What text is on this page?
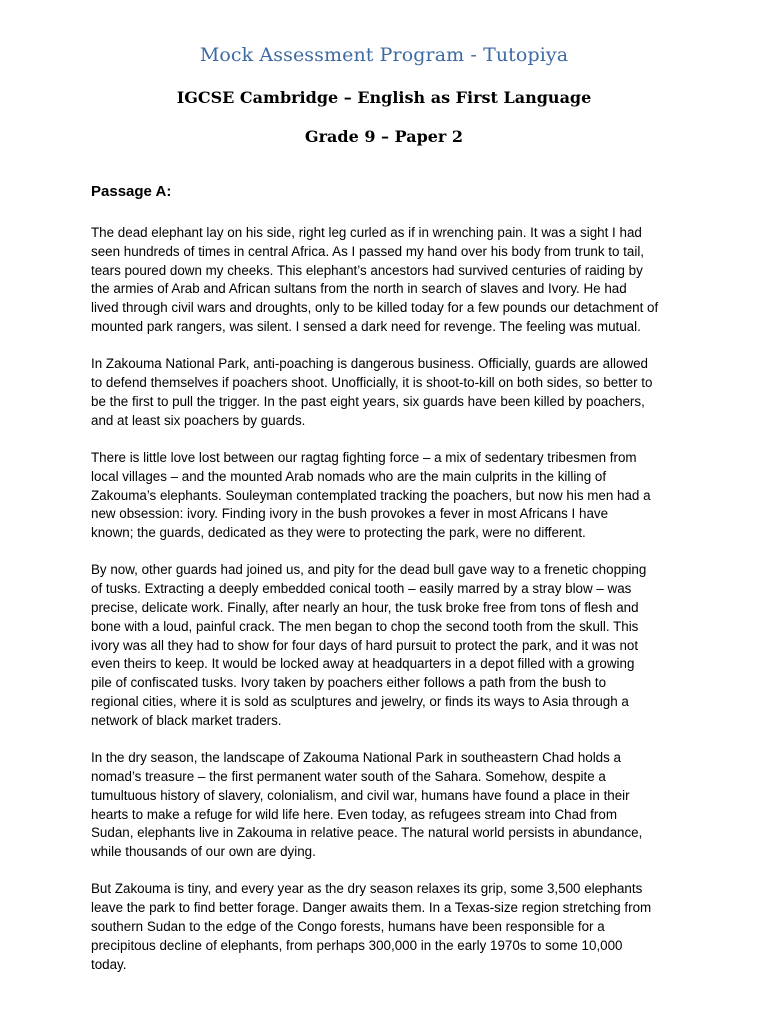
Mock Assessment Program - Tutopiya
IGCSE Cambridge – English as First Language
Grade 9 – Paper 2
Passage A:

The dead elephant lay on his side, right leg curled as if in wrenching pain. It was a sight I had
seen hundreds of times in central Africa. As I passed my hand over his body from trunk to tail,
tears poured down my cheeks. This elephant’s ancestors had survived centuries of raiding by
the armies of Arab and African sultans from the north in search of slaves and Ivory. He had
lived through civil wars and droughts, only to be killed today for a few pounds our detachment of
mounted park rangers, was silent. I sensed a dark need for revenge. The feeling was mutual.

In Zakouma National Park, anti-poaching is dangerous business. Officially, guards are allowed
to defend themselves if poachers shoot. Unofficially, it is shoot-to-kill on both sides, so better to
be the first to pull the trigger. In the past eight years, six guards have been killed by poachers,
and at least six poachers by guards.

There is little love lost between our ragtag fighting force – a mix of sedentary tribesmen from
local villages – and the mounted Arab nomads who are the main culprits in the killing of
Zakouma’s elephants. Souleyman contemplated tracking the poachers, but now his men had a
new obsession: ivory. Finding ivory in the bush provokes a fever in most Africans I have
known; the guards, dedicated as they were to protecting the park, were no different.

By now, other guards had joined us, and pity for the dead bull gave way to a frenetic chopping
of tusks. Extracting a deeply embedded conical tooth – easily marred by a stray blow – was
precise, delicate work. Finally, after nearly an hour, the tusk broke free from tons of flesh and
bone with a loud, painful crack. The men began to chop the second tooth from the skull. This
ivory was all they had to show for four days of hard pursuit to protect the park, and it was not
even theirs to keep. It would be locked away at headquarters in a depot filled with a growing
pile of confiscated tusks. Ivory taken by poachers either follows a path from the bush to
regional cities, where it is sold as sculptures and jewelry, or finds its ways to Asia through a
network of black market traders.

In the dry season, the landscape of Zakouma National Park in southeastern Chad holds a
nomad’s treasure – the first permanent water south of the Sahara. Somehow, despite a
tumultuous history of slavery, colonialism, and civil war, humans have found a place in their
hearts to make a refuge for wild life here. Even today, as refugees stream into Chad from
Sudan, elephants live in Zakouma in relative peace. The natural world persists in abundance,
while thousands of our own are dying.

But Zakouma is tiny, and every year as the dry season relaxes its grip, some 3,500 elephants
leave the park to find better forage. Danger awaits them. In a Texas-size region stretching from
southern Sudan to the edge of the Congo forests, humans have been responsible for a
precipitous decline of elephants, from perhaps 300,000 in the early 1970s to some 10,000
today.
